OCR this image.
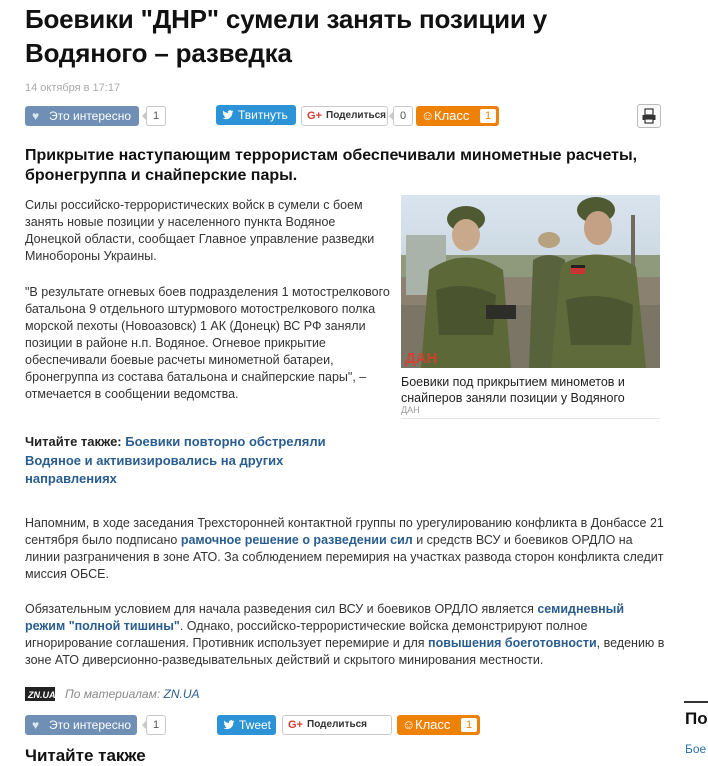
Боевики "ДНР" сумели занять позиции у Водяного – разведка
14 октября в 17:17
♥ Это интересно	1	Твитнуть	G+ Поделиться	0	☺ Класс	1
Прикрытие наступающим террористам обеспечивали минометные расчеты, бронегруппа и снайперские пары.
Силы российско-террористических войск в сумели с боем занять новые позиции у населенного пункта Водяное Донецкой области, сообщает Главное управление разведки Минобороны Украины.
"В результате огневых боев подразделения 1 мотострелкового батальона 9 отдельного штурмового мотострелкового полка морской пехоты (Новоазовск) 1 АК (Донецк) ВС РФ заняли позиции в районе н.п. Водяное. Огневое прикрытие обеспечивали боевые расчеты минометной батареи, бронегруппа из состава батальона и снайперские пары", – отмечается в сообщении ведомства.
ДАН
Боевики под прикрытием минометов и снайперов заняли позиции у Водяного
ДАН
Читайте также: Боевики повторно обстреляли Водяное и активизировались на других направлениях
Напомним, в ходе заседания Трехсторонней контактной группы по урегулированию конфликта в Донбассе 21 сентября было подписано рамочное решение о разведении сил и средств ВСУ и боевиков ОРДЛО на линии разграничения в зоне АТО. За соблюдением перемирия на участках развода сторон конфликта следит миссия ОБСЕ.
Обязательным условием для начала разведения сил ВСУ и боевиков ОРДЛО является семидневный режим "полной тишины". Однако, российско-террористические войска демонстрируют полное игнорирование соглашения. Противник использует перемирие и для повышения боеготовности, ведению в зоне АТО диверсионно-разведывательных действий и скрытого минирования местности.
ZN.UA По материалам: ZN.UA
♥ Это интересно	1	Tweet	G+ Поделиться	☺ Класс	1
Читайте также
По
Бое
